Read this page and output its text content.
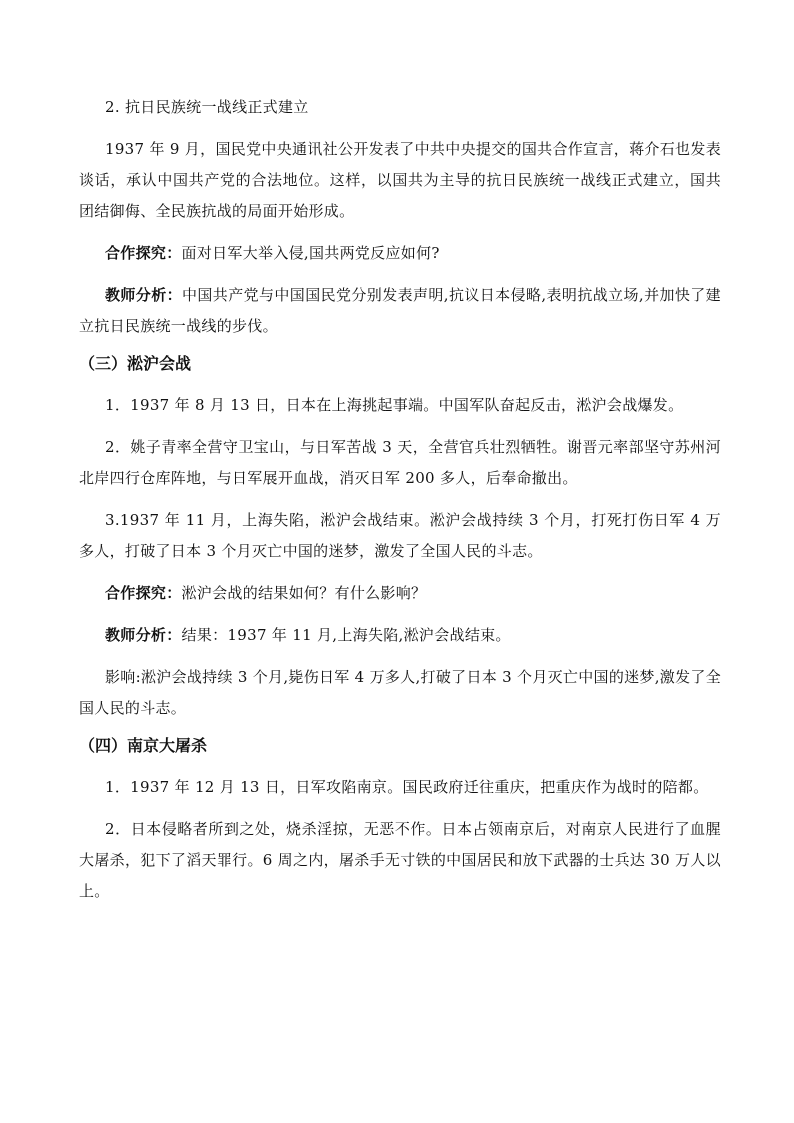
2. 抗日民族统一战线正式建立

1937 年 9 月，国民党中央通讯社公开发表了中共中央提交的国共合作宣言，蒋介石也发表谈话，承认中国共产党的合法地位。这样，以国共为主导的抗日民族统一战线正式建立，国共团结御侮、全民族抗战的局面开始形成。

合作探究：面对日军大举入侵,国共两党反应如何?

教师分析：中国共产党与中国国民党分别发表声明,抗议日本侵略,表明抗战立场,并加快了建立抗日民族统一战线的步伐。

（三）淞沪会战

1．1937 年 8 月 13 日，日本在上海挑起事端。中国军队奋起反击，淞沪会战爆发。

2．姚子青率全营守卫宝山，与日军苦战 3 天，全营官兵壮烈牺牲。谢晋元率部坚守苏州河北岸四行仓库阵地，与日军展开血战，消灭日军 200 多人，后奉命撤出。

3.1937 年 11 月，上海失陷，淞沪会战结束。淞沪会战持续 3 个月，打死打伤日军 4 万多人，打破了日本 3 个月灭亡中国的迷梦，激发了全国人民的斗志。

合作探究：淞沪会战的结果如何？有什么影响？

教师分析：结果：1937 年 11 月,上海失陷,淞沪会战结束。

影响:淞沪会战持续 3 个月,毙伤日军 4 万多人,打破了日本 3 个月灭亡中国的迷梦,激发了全国人民的斗志。

（四）南京大屠杀

1．1937 年 12 月 13 日，日军攻陷南京。国民政府迁往重庆，把重庆作为战时的陪都。

2．日本侵略者所到之处，烧杀淫掠，无恶不作。日本占领南京后，对南京人民进行了血腥大屠杀，犯下了滔天罪行。6 周之内，屠杀手无寸铁的中国居民和放下武器的士兵达 30 万人以上。
